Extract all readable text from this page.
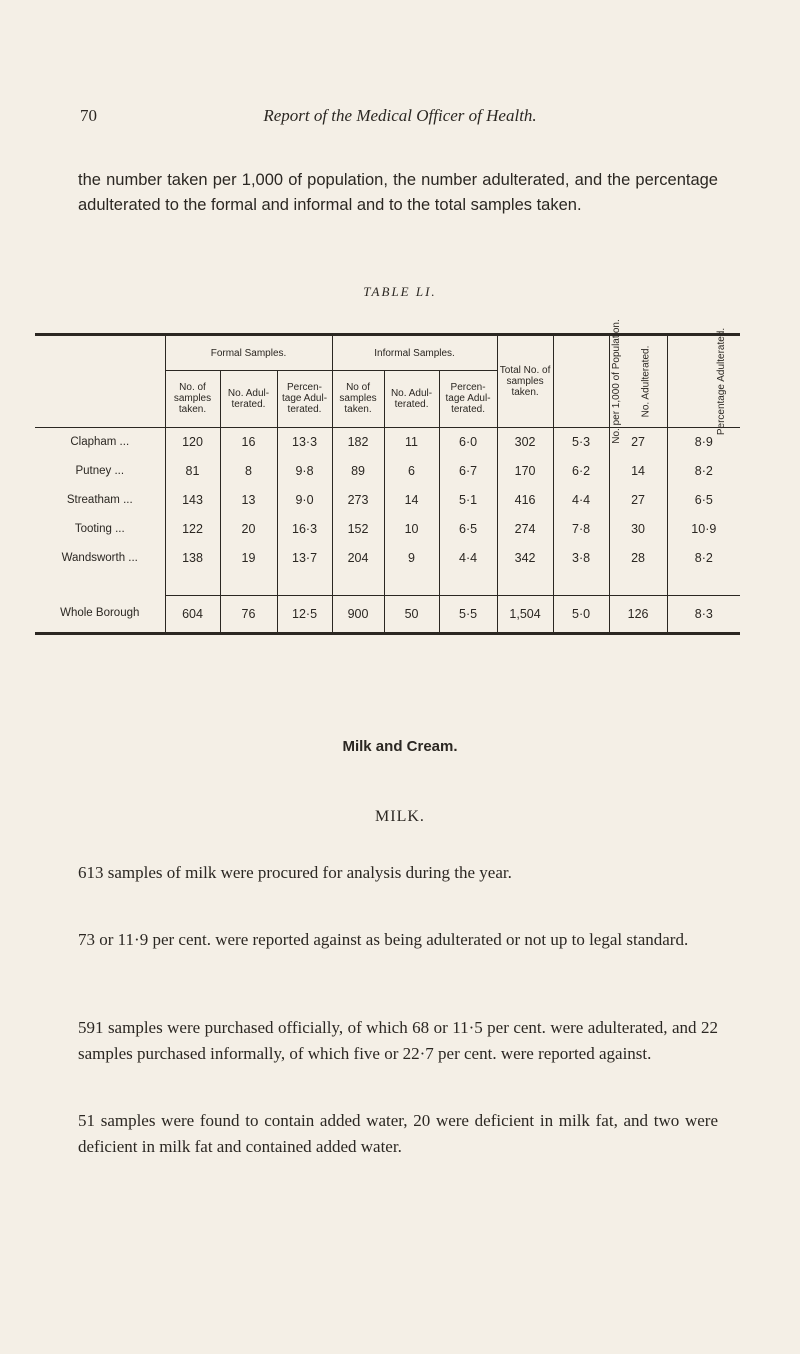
70	Report of the Medical Officer of Health.
the number taken per 1,000 of population, the number adulterated, and the percentage adulterated to the formal and informal and to the total samples taken.
TABLE LI.
	Formal Samples.			Informal Samples.			Total No. of samples taken.	No. per 1,000 of Population.	No. Adulterated.	Percentage Adulterated.
	No. of samples taken.	No. Adul- terated.	Percen- tage Adul- terated.	No of samples taken.	No. Adul- terated.	Percen- tage Adul- terated.				

Clapham ...	120	16	13·3	182	11	6·0	302	5·3	27	8·9
Putney ...	81	8	9·8	89	6	6·7	170	6·2	14	8·2
Streatham ...	143	13	9·0	273	14	5·1	416	4·4	27	6·5
Tooting ...	122	20	16·3	152	10	6·5	274	7·8	30	10·9
Wandsworth ...	138	19	13·7	204	9	4·4	342	3·8	28	8·2

Whole Borough	604	76	12·5	900	50	5·5	1,504	5·0	126	8·3
Milk and Cream.
MILK.

613 samples of milk were procured for analysis during the year.

73 or 11·9 per cent. were reported against as being adulterated or not up to legal standard.

591 samples were purchased officially, of which 68 or 11·5 per cent. were adulterated, and 22 samples purchased informally, of which five or 22·7 per cent. were reported against.

51 samples were found to contain added water, 20 were deficient in milk fat, and two were deficient in milk fat and contained added water.
